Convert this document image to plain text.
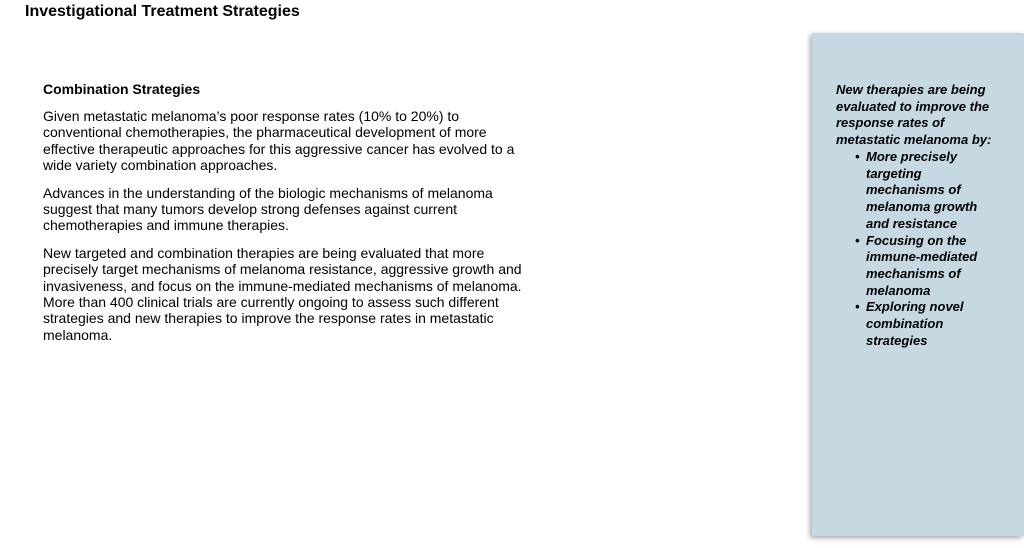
Investigational Treatment Strategies
Combination Strategies

Given metastatic melanoma’s poor response rates (10% to 20%) to conventional chemotherapies, the pharmaceutical development of more effective therapeutic approaches for this aggressive cancer has evolved to a wide variety combination approaches.

Advances in the understanding of the biologic mechanisms of melanoma suggest that many tumors develop strong defenses against current chemotherapies and immune therapies.

New targeted and combination therapies are being evaluated that more precisely target mechanisms of melanoma resistance, aggressive growth and invasiveness, and focus on the immune-mediated mechanisms of melanoma. More than 400 clinical trials are currently ongoing to assess such different strategies and new therapies to improve the response rates in metastatic melanoma.

New therapies are being evaluated to improve the response rates of metastatic melanoma by:

• More precisely targeting mechanisms of melanoma growth and resistance
• Focusing on the immune-mediated mechanisms of melanoma
• Exploring novel combination strategies
